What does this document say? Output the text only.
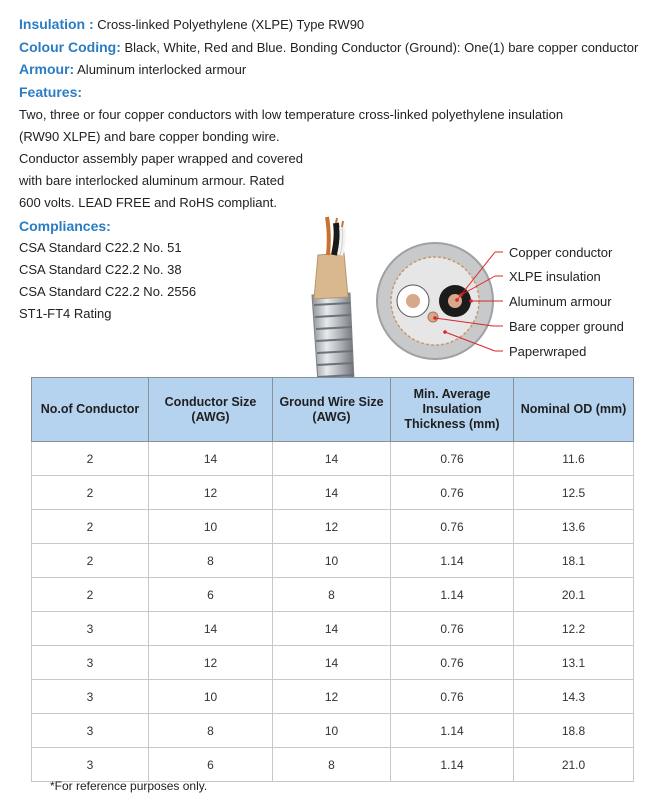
Insulation : Cross-linked Polyethylene (XLPE) Type RW90
Colour Coding: Black, White, Red and Blue. Bonding Conductor (Ground): One(1) bare copper conductor
Armour: Aluminum interlocked armour
Features:
Two, three or four copper conductors with low temperature cross-linked polyethylene insulation
(RW90 XLPE) and bare copper bonding wire.
Conductor assembly paper wrapped and covered
with bare interlocked aluminum armour. Rated
600 volts. LEAD FREE and RoHS compliant.
Compliances:
CSA Standard C22.2 No. 51
CSA Standard C22.2 No. 38
CSA Standard C22.2 No. 2556
ST1-FT4 Rating
Copper conductor
XLPE insulation
Aluminum armour
Bare copper ground
Paperwraped
No.of Conductor	Conductor Size (AWG)	Ground Wire Size (AWG)	Min. Average Insulation Thickness (mm)	Nominal OD (mm)
2	14	14	0.76	11.6
2	12	14	0.76	12.5
2	10	12	0.76	13.6
2	8	10	1.14	18.1
2	6	8	1.14	20.1
3	14	14	0.76	12.2
3	12	14	0.76	13.1
3	10	12	0.76	14.3
3	8	10	1.14	18.8
3	6	8	1.14	21.0
*For reference purposes only.
